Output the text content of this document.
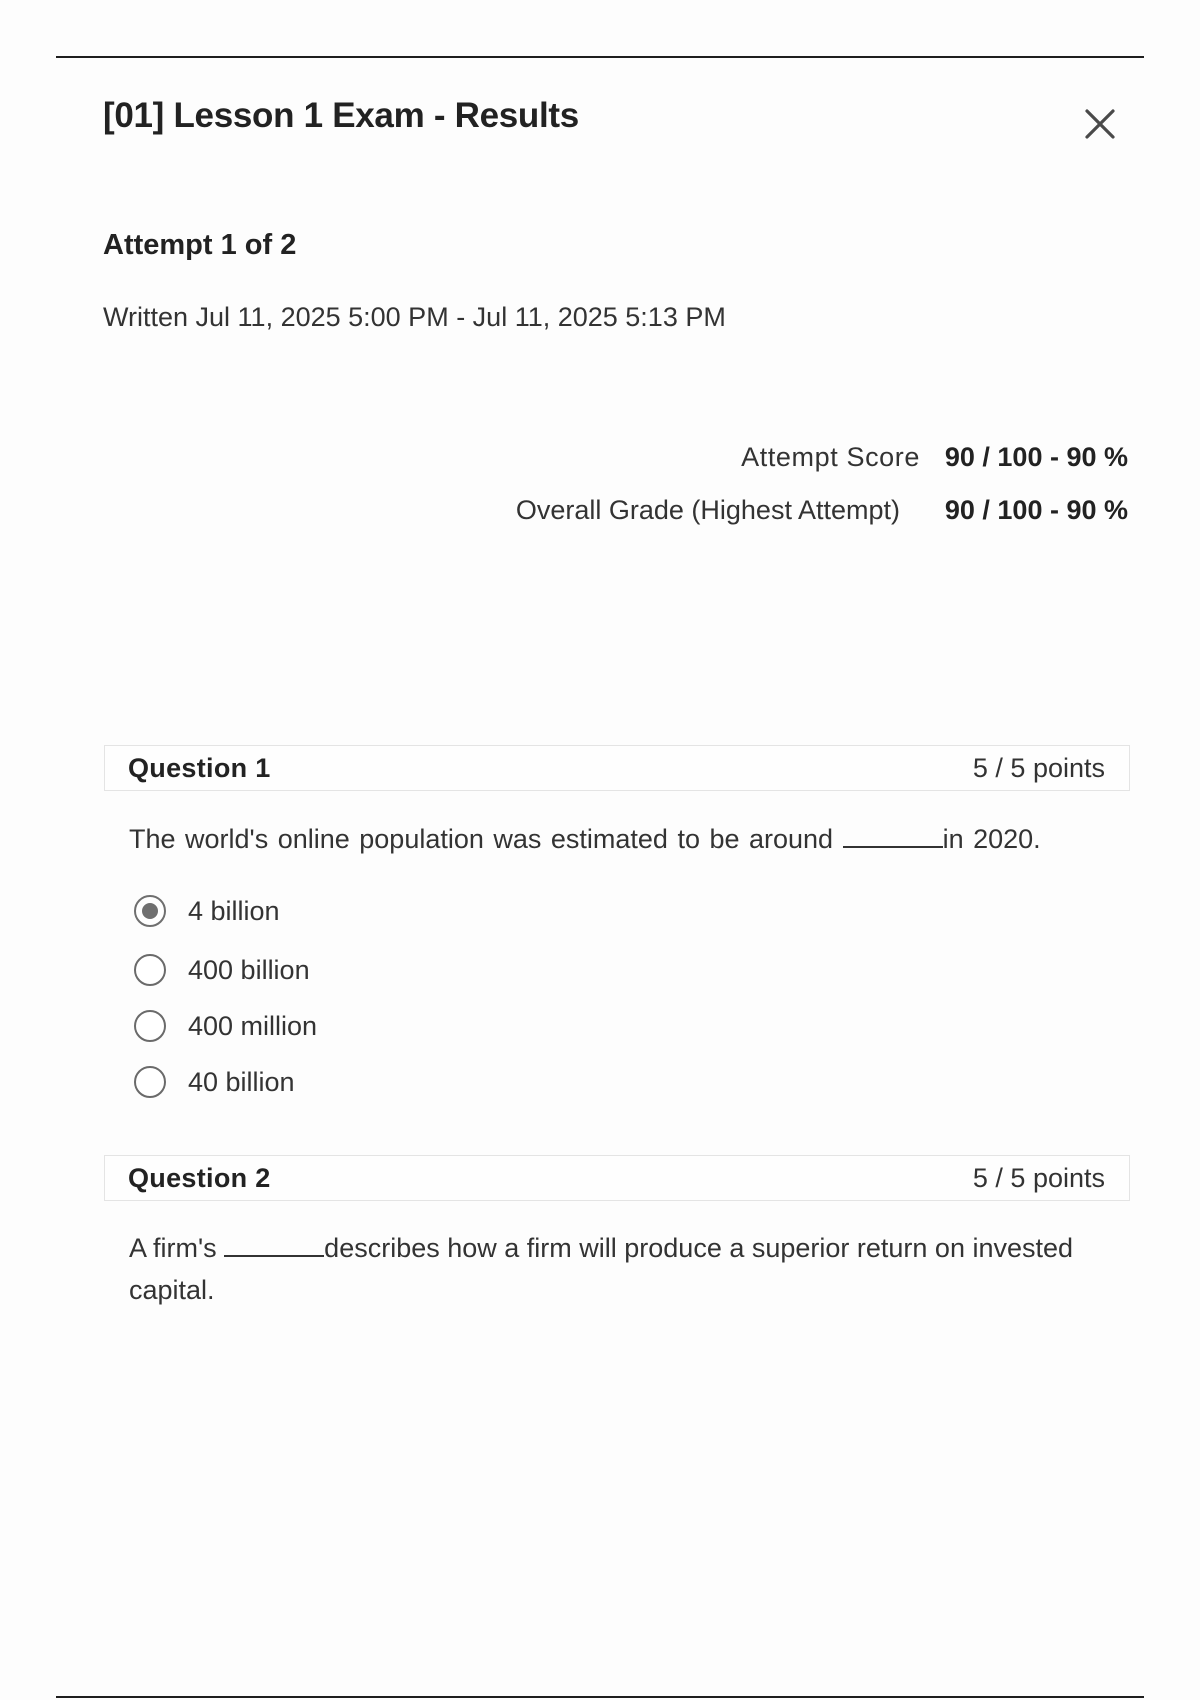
[01] Lesson 1 Exam - Results
Attempt 1 of 2
Written Jul 11, 2025 5:00 PM - Jul 11, 2025 5:13 PM
Attempt Score 90 / 100 - 90 %
Overall Grade (Highest Attempt)	90 / 100 - 90 %
Question 1	5 / 5 points
The world's online population was estimated to be around	in 2020.
4 billion
400 billion
400 million
40 billion
Question 2	5 / 5 points
A firm's	describes how a firm will produce a superior return on invested capital.
